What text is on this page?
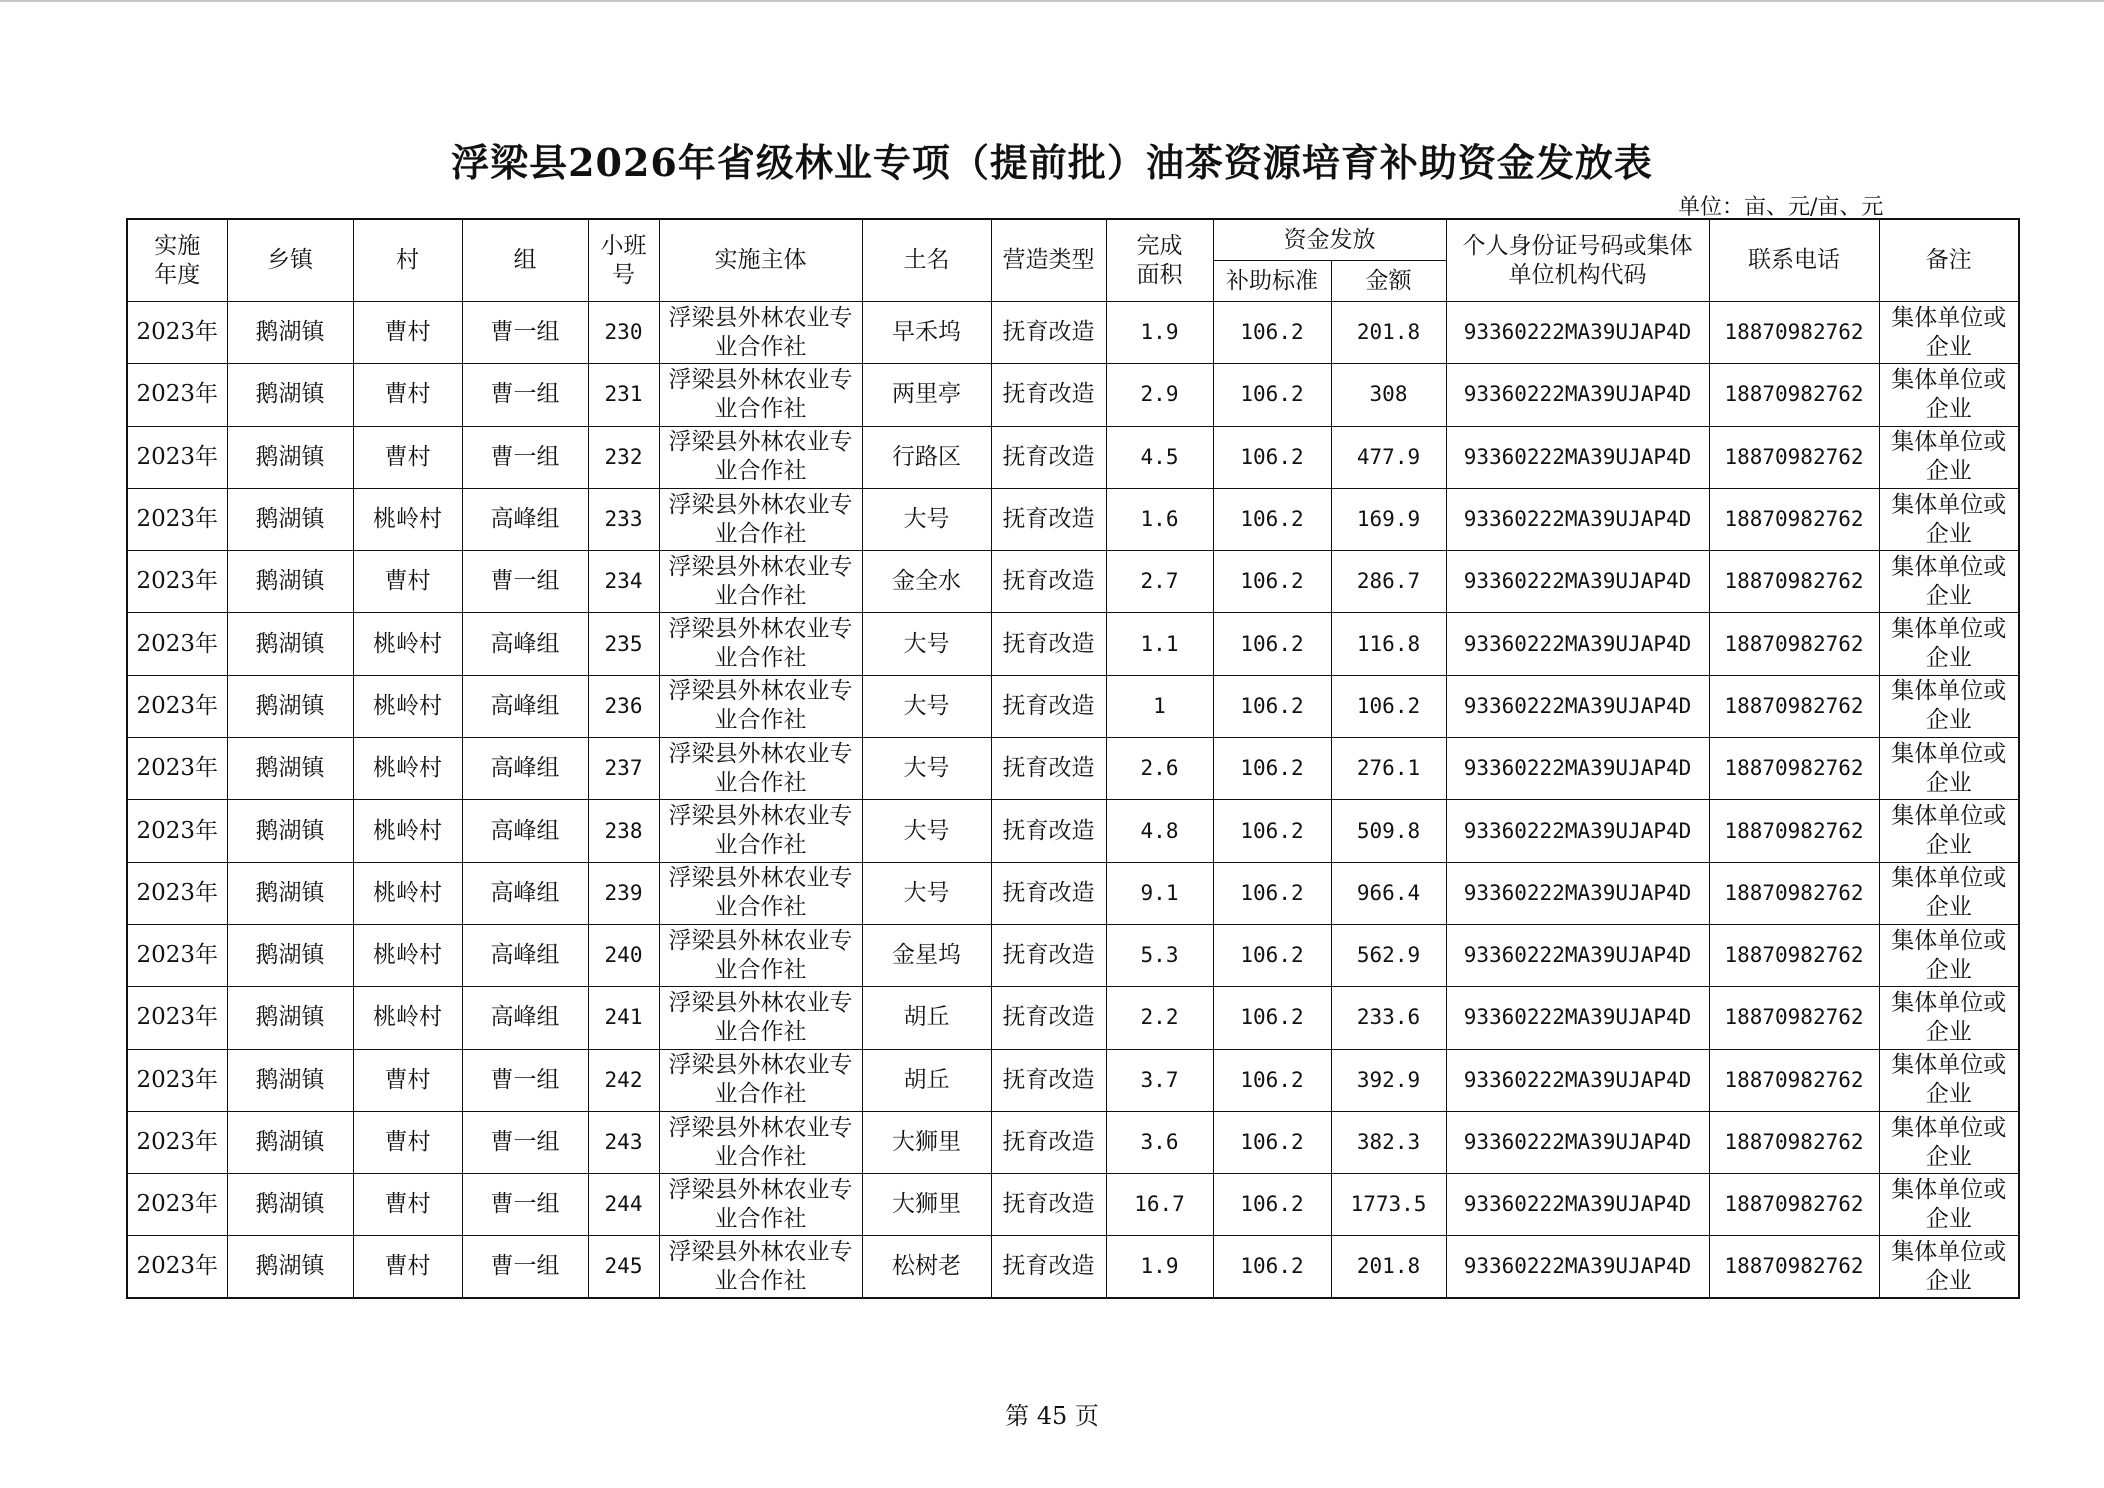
浮梁县2026年省级林业专项（提前批）油茶资源培育补助资金发放表
单位：亩、元/亩、元
实施年度	乡镇	村	组	小班号	实施主体	土名	营造类型	完成面积	资金发放		个人身份证号码或集体单位机构代码	联系电话	备注
									补助标准	金额			
2023年	鹅湖镇	曹村	曹一组	230	浮梁县外林农业专业合作社	早禾坞	抚育改造	1.9	106.2	201.8	93360222MA39UJAP4D	18870982762	集体单位或企业

2023年	鹅湖镇	曹村	曹一组	231	浮梁县外林农业专业合作社	两里亭	抚育改造	2.9	106.2	308	93360222MA39UJAP4D	18870982762	集体单位或企业

2023年	鹅湖镇	曹村	曹一组	232	浮梁县外林农业专业合作社	行路区	抚育改造	4.5	106.2	477.9	93360222MA39UJAP4D	18870982762	集体单位或企业

2023年	鹅湖镇	桃岭村	高峰组	233	浮梁县外林农业专业合作社	大号	抚育改造	1.6	106.2	169.9	93360222MA39UJAP4D	18870982762	集体单位或企业

2023年	鹅湖镇	曹村	曹一组	234	浮梁县外林农业专业合作社	金全水	抚育改造	2.7	106.2	286.7	93360222MA39UJAP4D	18870982762	集体单位或企业

2023年	鹅湖镇	桃岭村	高峰组	235	浮梁县外林农业专业合作社	大号	抚育改造	1.1	106.2	116.8	93360222MA39UJAP4D	18870982762	集体单位或企业

2023年	鹅湖镇	桃岭村	高峰组	236	浮梁县外林农业专业合作社	大号	抚育改造	1	106.2	106.2	93360222MA39UJAP4D	18870982762	集体单位或企业

2023年	鹅湖镇	桃岭村	高峰组	237	浮梁县外林农业专业合作社	大号	抚育改造	2.6	106.2	276.1	93360222MA39UJAP4D	18870982762	集体单位或企业

2023年	鹅湖镇	桃岭村	高峰组	238	浮梁县外林农业专业合作社	大号	抚育改造	4.8	106.2	509.8	93360222MA39UJAP4D	18870982762	集体单位或企业

2023年	鹅湖镇	桃岭村	高峰组	239	浮梁县外林农业专业合作社	大号	抚育改造	9.1	106.2	966.4	93360222MA39UJAP4D	18870982762	集体单位或企业

2023年	鹅湖镇	桃岭村	高峰组	240	浮梁县外林农业专业合作社	金星坞	抚育改造	5.3	106.2	562.9	93360222MA39UJAP4D	18870982762	集体单位或企业

2023年	鹅湖镇	桃岭村	高峰组	241	浮梁县外林农业专业合作社	胡丘	抚育改造	2.2	106.2	233.6	93360222MA39UJAP4D	18870982762	集体单位或企业

2023年	鹅湖镇	曹村	曹一组	242	浮梁县外林农业专业合作社	胡丘	抚育改造	3.7	106.2	392.9	93360222MA39UJAP4D	18870982762	集体单位或企业

2023年	鹅湖镇	曹村	曹一组	243	浮梁县外林农业专业合作社	大狮里	抚育改造	3.6	106.2	382.3	93360222MA39UJAP4D	18870982762	集体单位或企业

2023年	鹅湖镇	曹村	曹一组	244	浮梁县外林农业专业合作社	大狮里	抚育改造	16.7	106.2	1773.5	93360222MA39UJAP4D	18870982762	集体单位或企业

2023年	鹅湖镇	曹村	曹一组	245	浮梁县外林农业专业合作社	松树老	抚育改造	1.9	106.2	201.8	93360222MA39UJAP4D	18870982762	集体单位或企业
第 45 页
